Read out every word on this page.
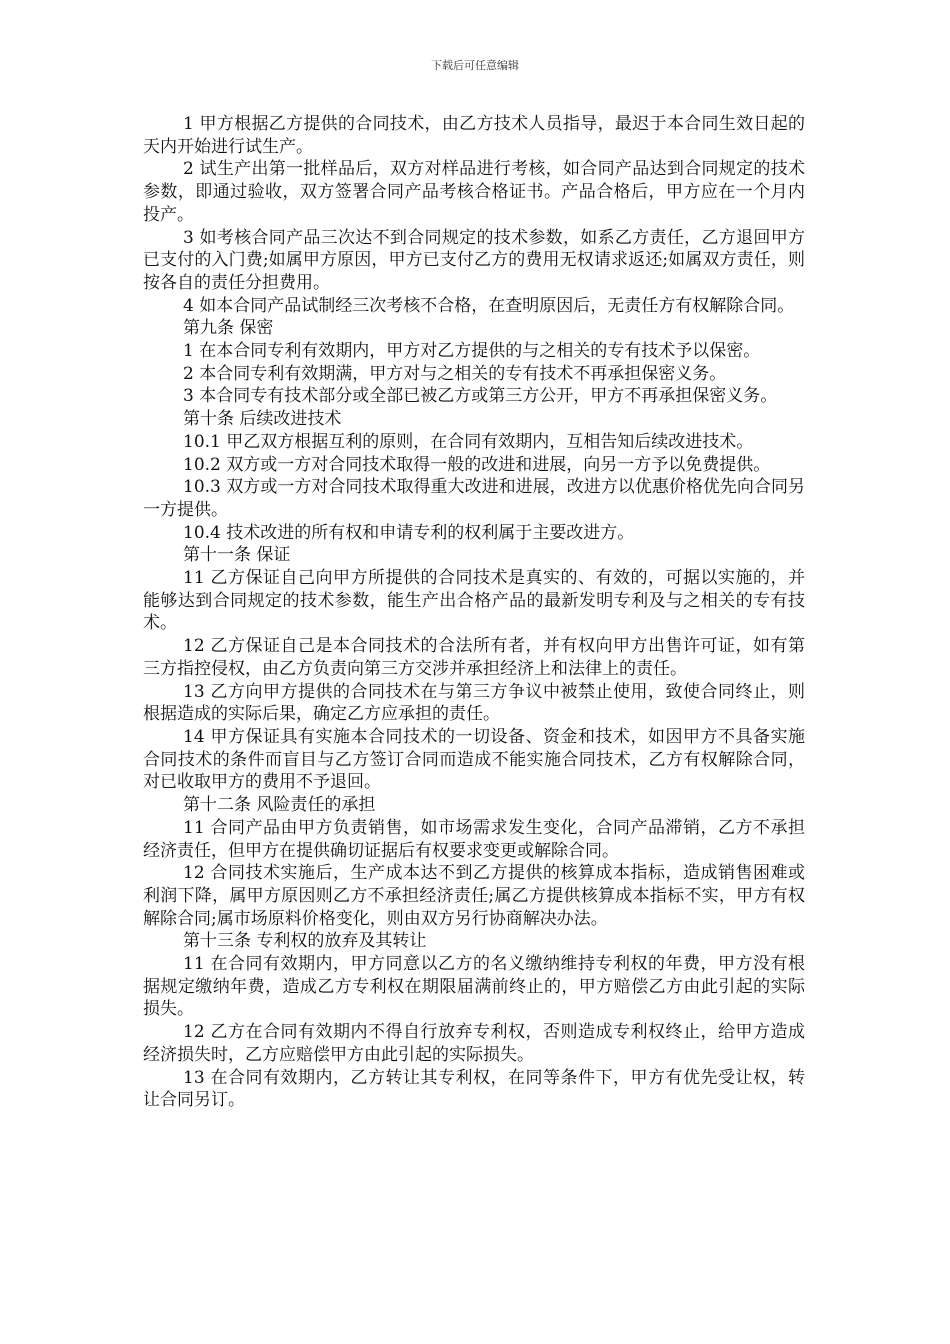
下载后可任意编辑

1 甲方根据乙方提供的合同技术，由乙方技术人员指导，最迟于本合同生效日起的天内开始进行试生产。

2 试生产出第一批样品后，双方对样品进行考核，如合同产品达到合同规定的技术参数，即通过验收，双方签署合同产品考核合格证书。产品合格后，甲方应在一个月内投产。

3 如考核合同产品三次达不到合同规定的技术参数，如系乙方责任，乙方退回甲方已支付的入门费;如属甲方原因，甲方已支付乙方的费用无权请求返还;如属双方责任，则按各自的责任分担费用。

4 如本合同产品试制经三次考核不合格，在查明原因后，无责任方有权解除合同。

第九条 保密

1 在本合同专利有效期内，甲方对乙方提供的与之相关的专有技术予以保密。

2 本合同专利有效期满，甲方对与之相关的专有技术不再承担保密义务。

3 本合同专有技术部分或全部已被乙方或第三方公开，甲方不再承担保密义务。

第十条 后续改进技术

10.1 甲乙双方根据互利的原则，在合同有效期内，互相告知后续改进技术。

10.2 双方或一方对合同技术取得一般的改进和进展，向另一方予以免费提供。

10.3 双方或一方对合同技术取得重大改进和进展，改进方以优惠价格优先向合同另一方提供。

10.4 技术改进的所有权和申请专利的权利属于主要改进方。

第十一条 保证

11 乙方保证自己向甲方所提供的合同技术是真实的、有效的，可据以实施的，并能够达到合同规定的技术参数，能生产出合格产品的最新发明专利及与之相关的专有技术。

12 乙方保证自己是本合同技术的合法所有者，并有权向甲方出售许可证，如有第三方指控侵权，由乙方负责向第三方交涉并承担经济上和法律上的责任。

13 乙方向甲方提供的合同技术在与第三方争议中被禁止使用，致使合同终止，则根据造成的实际后果，确定乙方应承担的责任。

14 甲方保证具有实施本合同技术的一切设备、资金和技术，如因甲方不具备实施合同技术的条件而盲目与乙方签订合同而造成不能实施合同技术，乙方有权解除合同，对已收取甲方的费用不予退回。

第十二条 风险责任的承担

11 合同产品由甲方负责销售，如市场需求发生变化，合同产品滞销，乙方不承担经济责任，但甲方在提供确切证据后有权要求变更或解除合同。

12 合同技术实施后，生产成本达不到乙方提供的核算成本指标，造成销售困难或利润下降，属甲方原因则乙方不承担经济责任;属乙方提供核算成本指标不实，甲方有权解除合同;属市场原料价格变化，则由双方另行协商解决办法。

第十三条 专利权的放弃及其转让

11 在合同有效期内，甲方同意以乙方的名义缴纳维持专利权的年费，甲方没有根据规定缴纳年费，造成乙方专利权在期限届满前终止的，甲方赔偿乙方由此引起的实际损失。

12 乙方在合同有效期内不得自行放弃专利权，否则造成专利权终止，给甲方造成经济损失时，乙方应赔偿甲方由此引起的实际损失。

13 在合同有效期内，乙方转让其专利权，在同等条件下，甲方有优先受让权，转让合同另订。
